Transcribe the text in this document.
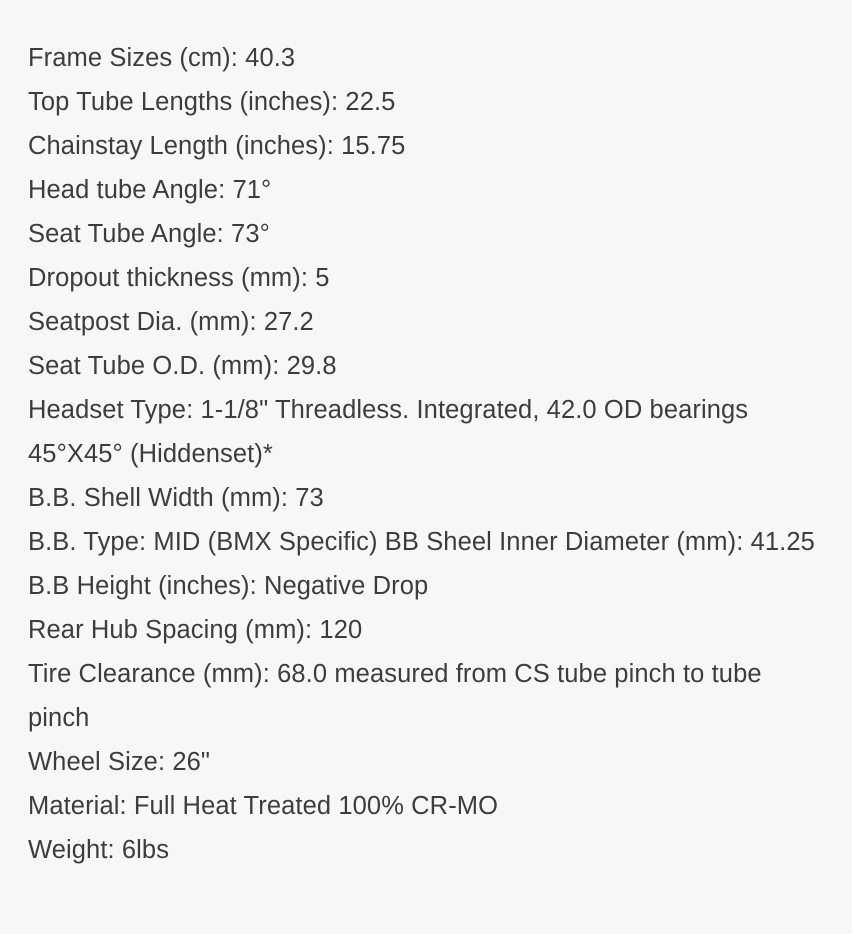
Frame Sizes (cm): 40.3
Top Tube Lengths (inches): 22.5
Chainstay Length (inches): 15.75
Head tube Angle: 71°
Seat Tube Angle: 73°
Dropout thickness (mm): 5
Seatpost Dia. (mm): 27.2
Seat Tube O.D. (mm): 29.8
Headset Type: 1-1/8" Threadless. Integrated, 42.0 OD bearings 45°X45° (Hiddenset)*
B.B. Shell Width (mm): 73
B.B. Type: MID (BMX Specific) BB Sheel Inner Diameter (mm): 41.25
B.B Height (inches): Negative Drop
Rear Hub Spacing (mm): 120
Tire Clearance (mm): 68.0 measured from CS tube pinch to tube pinch
Wheel Size: 26"
Material: Full Heat Treated 100% CR-MO
Weight: 6lbs
